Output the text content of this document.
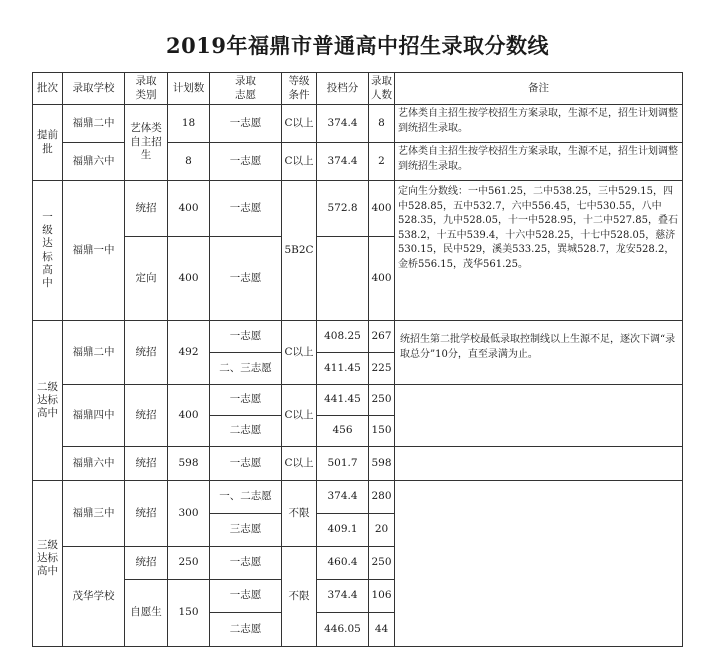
2019年福鼎市普通高中招生录取分数线
批次	录取学校	录取类别	计划数	录取志愿	等级条件	投档分	录取人数	备注
提前批	福鼎二中	艺体类自主招生	18	一志愿	C以上	374.4	8	艺体类自主招生按学校招生方案录取，生源不足，招生计划调整到统招生录取。
	福鼎六中		8	一志愿	C以上	374.4	2	艺体类自主招生按学校招生方案录取，生源不足，招生计划调整到统招生录取。
一级达标高中	福鼎一中	统招	400	一志愿	5B2C	572.8	400	定向生分数线：一中561.25，二中538.25，三中529.15，四中528.85，五中532.7，六中556.45，七中530.55，八中528.35，九中528.05，十一中528.95，十二中527.85，叠石538.2，十五中539.4，十六中528.25，十七中528.05，慈济530.15，民中529，溪美533.25，巽城528.7，龙安528.2，金桥556.15，茂华561.25。
		定向	400	一志愿			400	
二级达标高中	福鼎二中	统招	492	一志愿	C以上	408.25	267	统招生第二批学校最低录取控制线以上生源不足，逐次下调“录取总分”10分，直至录满为止。
				二、三志愿		411.45	225	
	福鼎四中	统招	400	一志愿	C以上	441.45	250	
				二志愿		456	150	
	福鼎六中	统招	598	一志愿	C以上	501.7	598	
三级达标高中	福鼎三中	统招	300	一、二志愿	不限	374.4	280	
				三志愿		409.1	20	
	茂华学校	统招	250	一志愿	不限	460.4	250	
		自愿生	150	一志愿		374.4	106	
				二志愿		446.05	44	
